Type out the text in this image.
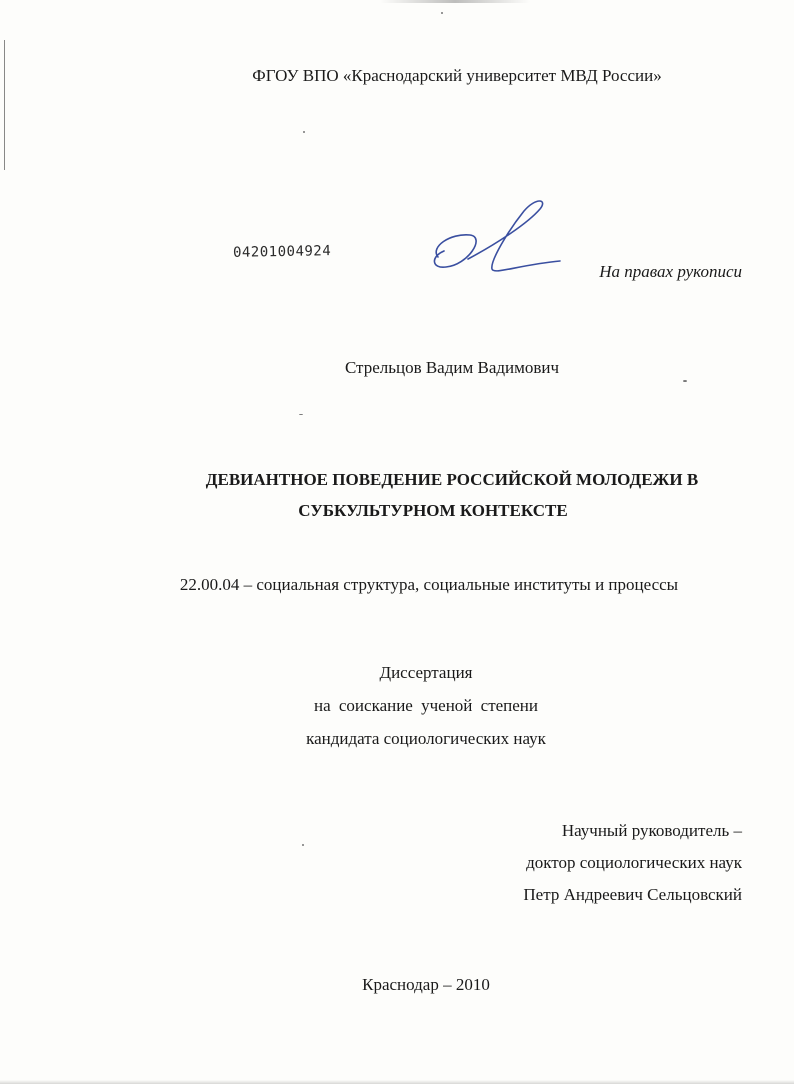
ФГОУ ВПО «Краснодарский университет МВД России»
04201004924
На правах рукописи
Стрельцов Вадим Вадимович
ДЕВИАНТНОЕ ПОВЕДЕНИЕ РОССИЙСКОЙ МОЛОДЕЖИ В
СУБКУЛЬТУРНОМ КОНТЕКСТЕ
22.00.04 – социальная структура, социальные институты и процессы
Диссертация
на соискание ученой степени
кандидата социологических наук
Научный руководитель –
доктор социологических наук
Петр Андреевич Сельцовский
Краснодар – 2010
